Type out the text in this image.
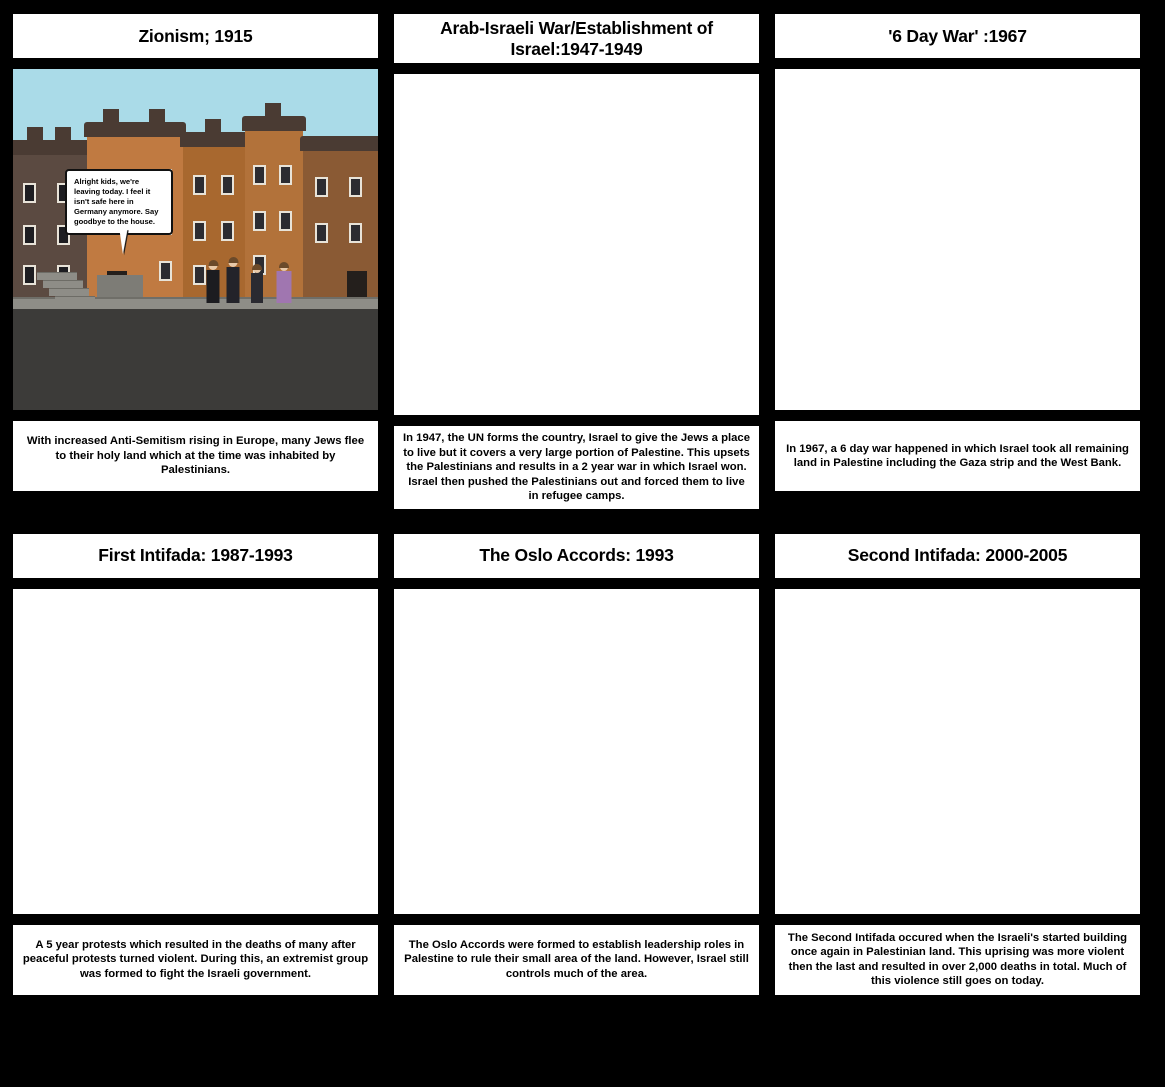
Zionism; 1915
Alright kids, we're leaving today. I feel it isn't safe here in Germany anymore. Say goodbye to the house.
With increased Anti-Semitism rising in Europe, many Jews flee to their holy land which at the time was inhabited by Palestinians.
Arab-Israeli War/Establishment of Israel:1947-1949
In 1947, the UN forms the country, Israel to give the Jews a place to live but it covers a very large portion of Palestine. This upsets the Palestinians and results in a 2 year war in which Israel won. Israel then pushed the Palestinians out and forced them to live in refugee camps.
'6 Day War' :1967
In 1967, a 6 day war happened in which Israel took all remaining land in Palestine including the Gaza strip and the West Bank.
First Intifada: 1987-1993
A 5 year protests which resulted in the deaths of many after peaceful protests turned violent. During this, an extremist group was formed to fight the Israeli government.
The Oslo Accords: 1993
The Oslo Accords were formed to establish leadership roles in Palestine to rule their small area of the land. However, Israel still controls much of the area.
Second Intifada: 2000-2005
The Second Intifada occured when the Israeli's started building once again in Palestinian land. This uprising was more violent then the last and resulted in over 2,000 deaths in total. Much of this violence still goes on today.
